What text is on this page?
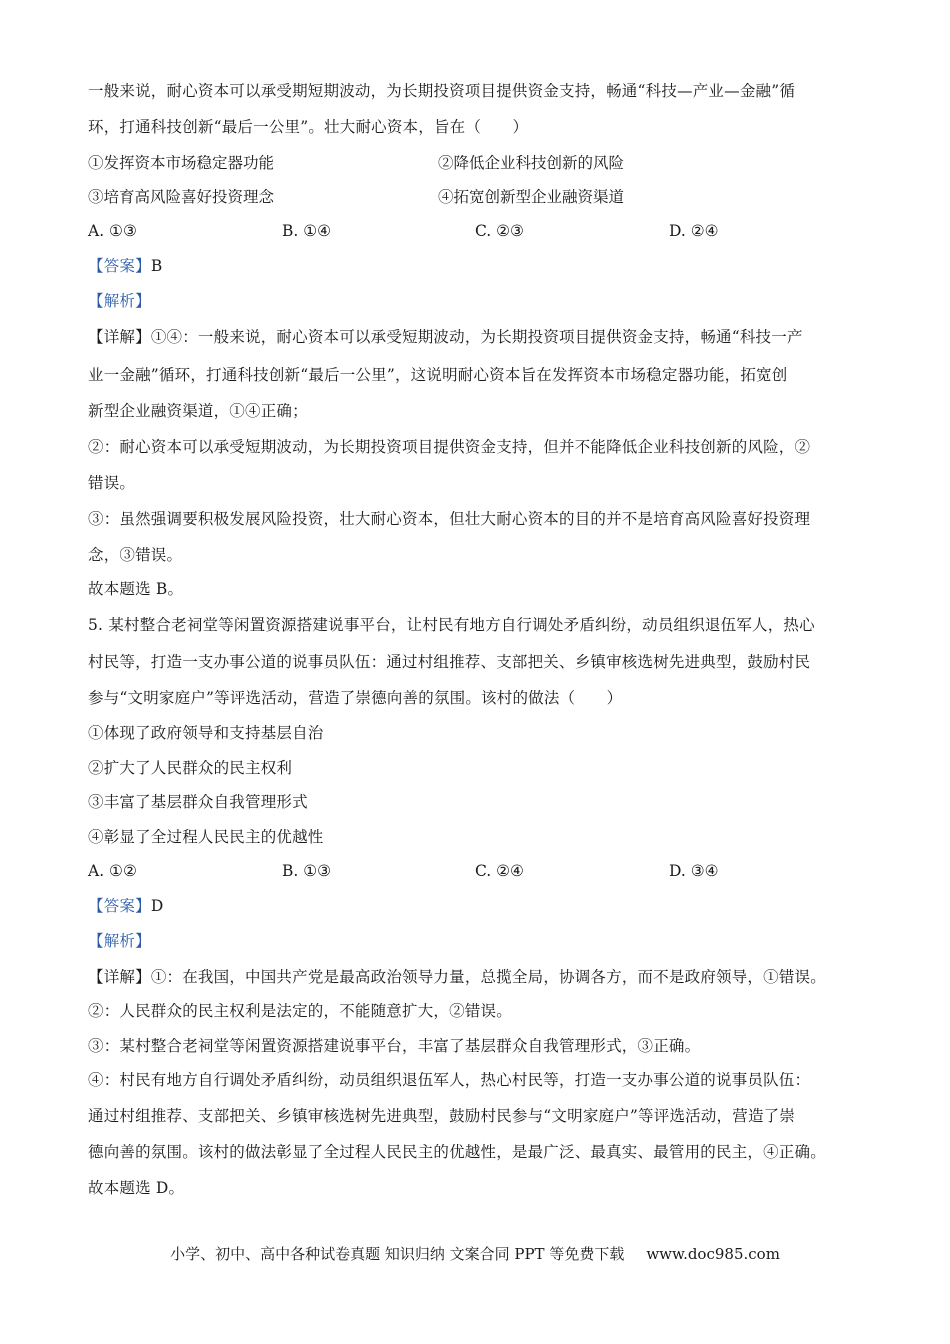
一般来说，耐心资本可以承受期短期波动，为长期投资项目提供资金支持，畅通“科技—产业—金融”循
环，打通科技创新“最后一公里”。壮大耐心资本，旨在（　　）
①发挥资本市场稳定器功能	②降低企业科技创新的风险
③培育高风险喜好投资理念	④拓宽创新型企业融资渠道
A. ①③	B. ①④	C. ②③	D. ②④
【答案】B
【解析】
【详解】①④：一般来说，耐心资本可以承受短期波动，为长期投资项目提供资金支持，畅通“科技一产
业一金融”循环，打通科技创新“最后一公里”，这说明耐心资本旨在发挥资本市场稳定器功能，拓宽创
新型企业融资渠道，①④正确；
②：耐心资本可以承受短期波动，为长期投资项目提供资金支持，但并不能降低企业科技创新的风险，②
错误。
③：虽然强调要积极发展风险投资，壮大耐心资本，但壮大耐心资本的目的并不是培育高风险喜好投资理
念，③错误。
故本题选 B。
5. 某村整合老祠堂等闲置资源搭建说事平台，让村民有地方自行调处矛盾纠纷，动员组织退伍军人，热心
村民等，打造一支办事公道的说事员队伍：通过村组推荐、支部把关、乡镇审核选树先进典型，鼓励村民
参与“文明家庭户”等评选活动，营造了崇德向善的氛围。该村的做法（　　）
①体现了政府领导和支持基层自治
②扩大了人民群众的民主权利
③丰富了基层群众自我管理形式
④彰显了全过程人民民主的优越性
A. ①②	B. ①③	C. ②④	D. ③④
【答案】D
【解析】
【详解】①：在我国，中国共产党是最高政治领导力量，总揽全局，协调各方，而不是政府领导，①错误。
②：人民群众的民主权利是法定的，不能随意扩大，②错误。
③：某村整合老祠堂等闲置资源搭建说事平台，丰富了基层群众自我管理形式，③正确。
④：村民有地方自行调处矛盾纠纷，动员组织退伍军人，热心村民等，打造一支办事公道的说事员队伍：
通过村组推荐、支部把关、乡镇审核选树先进典型，鼓励村民参与“文明家庭户”等评选活动，营造了崇
德向善的氛围。该村的做法彰显了全过程人民民主的优越性，是最广泛、最真实、最管用的民主，④正确。
故本题选 D。
小学、初中、高中各种试卷真题 知识归纳 文案合同 PPT 等免费下载 www.doc985.com
